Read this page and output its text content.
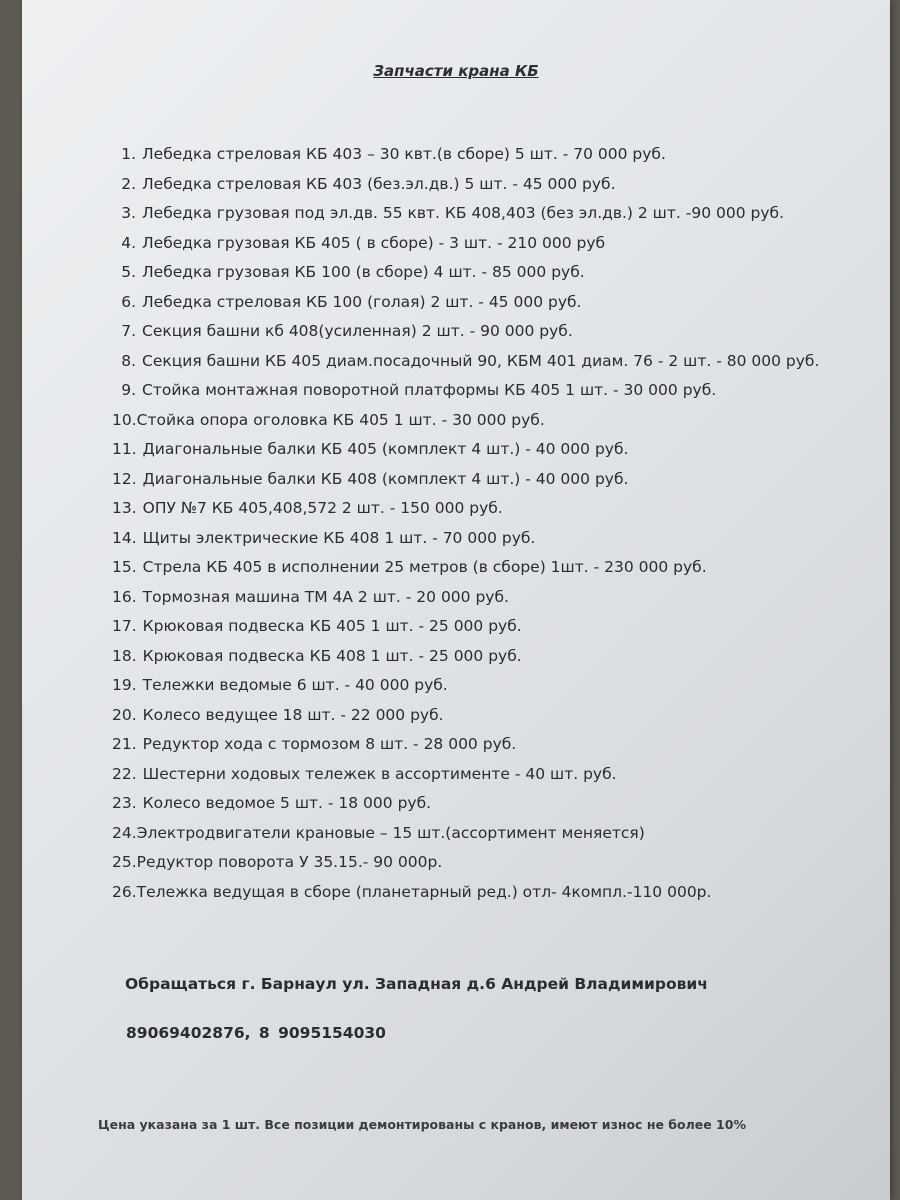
Запчасти крана КБ
1. Лебедка стреловая КБ 403 – 30 квт.(в сборе) 5 шт. - 70 000 руб.
2. Лебедка стреловая КБ 403 (без.эл.дв.) 5 шт. - 45 000 руб.
3. Лебедка грузовая под эл.дв. 55 квт. КБ 408,403 (без эл.дв.) 2 шт. -90 000 руб.
4. Лебедка грузовая КБ 405 ( в сборе) - 3 шт. - 210 000 руб
5. Лебедка грузовая КБ 100 (в сборе) 4 шт. - 85 000 руб.
6. Лебедка стреловая КБ 100 (голая) 2 шт. - 45 000 руб.
7. Секция башни кб 408(усиленная) 2 шт. - 90 000 руб.
8. Секция башни КБ 405 диам.посадочный 90, КБМ 401 диам. 76 - 2 шт. - 80 000 руб.
9. Стойка монтажная поворотной платформы КБ 405 1 шт. - 30 000 руб.
10. Стойка опора оголовка КБ 405 1 шт. - 30 000 руб.
11. Диагональные балки КБ 405 (комплект 4 шт.) - 40 000 руб.
12. Диагональные балки КБ 408 (комплект 4 шт.) - 40 000 руб.
13. ОПУ №7 КБ 405,408,572 2 шт. - 150 000 руб.
14. Щиты электрические КБ 408 1 шт. - 70 000 руб.
15. Стрела КБ 405 в исполнении 25 метров (в сборе) 1шт. - 230 000 руб.
16. Тормозная машина ТМ 4А 2 шт. - 20 000 руб.
17. Крюковая подвеска КБ 405 1 шт. - 25 000 руб.
18. Крюковая подвеска КБ 408 1 шт. - 25 000 руб.
19. Тележки ведомые 6 шт. - 40 000 руб.
20. Колесо ведущее 18 шт. - 22 000 руб.
21. Редуктор хода с тормозом 8 шт. - 28 000 руб.
22. Шестерни ходовых тележек в ассортименте - 40 шт. руб.
23. Колесо ведомое 5 шт. - 18 000 руб.
24. Электродвигатели крановые – 15 шт.(ассортимент меняется)
25. Редуктор поворота У 35.15.- 90 000р.
26. Тележка ведущая в сборе (планетарный ред.) отл- 4компл.-110 000р.
Обращаться г. Барнаул ул. Западная д.6 Андрей Владимирович
89069402876, 8 9095154030
Цена указана за 1 шт. Все позиции демонтированы с кранов, имеют износ не более 10%
